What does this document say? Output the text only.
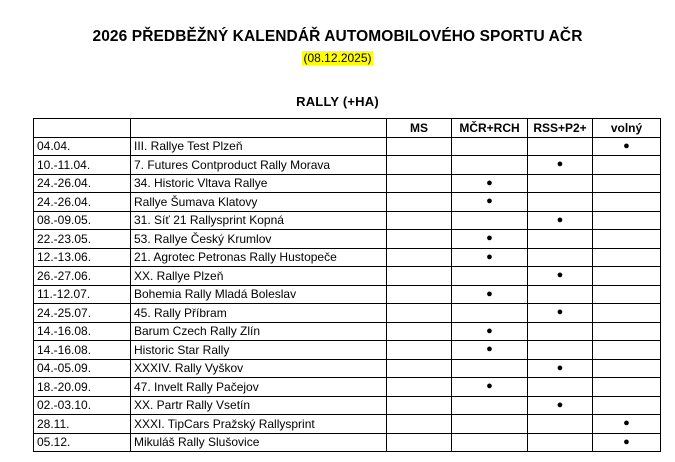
2026 PŘEDBĚŽNÝ KALENDÁŘ AUTOMOBILOVÉHO SPORTU AČR
(08.12.2025)
RALLY (+HA)
		MS	MČR+RCH	RSS+P2+	volný
04.04.	III. Rallye Test Plzeň				●
10.-11.04.	7. Futures Contproduct Rally Morava			●	
24.-26.04.	34. Historic Vltava Rallye		●		
24.-26.04.	Rallye Šumava Klatovy		●		
08.-09.05.	31. Síť 21 Rallysprint Kopná			●	
22.-23.05.	53. Rallye Český Krumlov		●		
12.-13.06.	21. Agrotec Petronas Rally Hustopeče		●		
26.-27.06.	XX. Rallye Plzeň			●	
11.-12.07.	Bohemia Rally Mladá Boleslav		●		
24.-25.07.	45. Rally Příbram			●	
14.-16.08.	Barum Czech Rally Zlín		●		
14.-16.08.	Historic Star Rally		●		
04.-05.09.	XXXIV. Rally Vyškov			●	
18.-20.09.	47. Invelt Rally Pačejov		●		
02.-03.10.	XX. Partr Rally Vsetín			●	
28.11.	XXXI. TipCars Pražský Rallysprint				●
05.12.	Mikuláš Rally Slušovice				●
